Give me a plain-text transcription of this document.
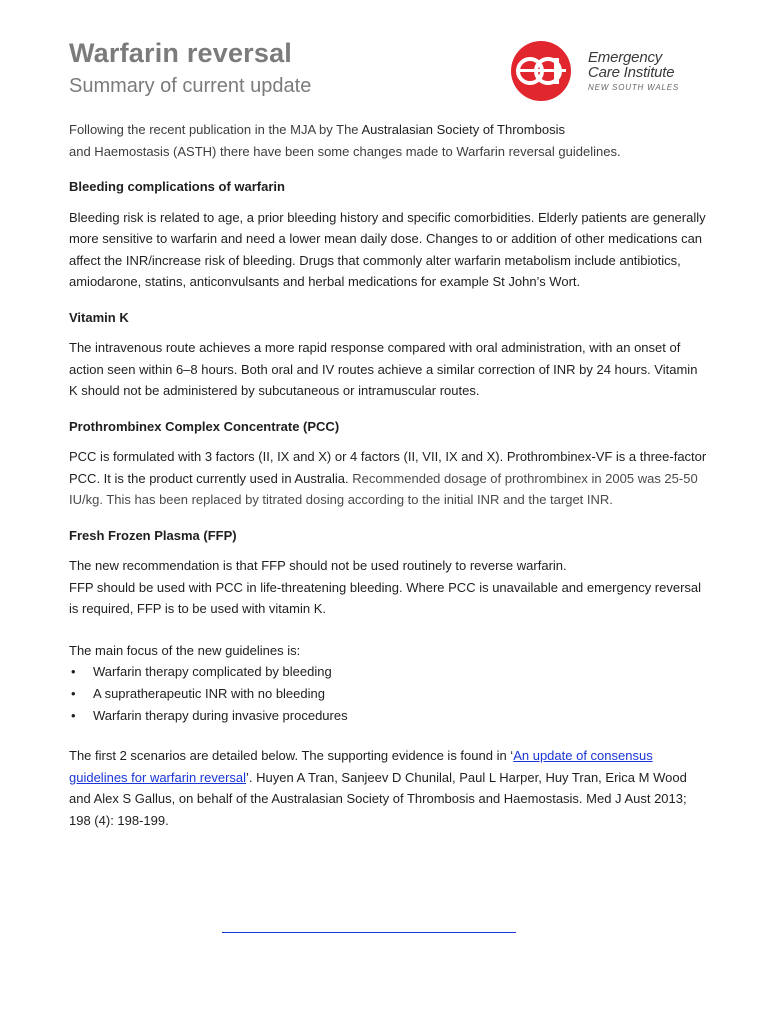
Warfarin reversal
Summary of current update
Emergency
Care Institute
NEW SOUTH WALES

Following the recent publication in the MJA by The Australasian Society of Thrombosis
and Haemostasis (ASTH) there have been some changes made to Warfarin reversal guidelines.

Bleeding complications of warfarin

Bleeding risk is related to age, a prior bleeding history and specific comorbidities. Elderly patients are generally more sensitive to warfarin and need a lower mean daily dose. Changes to or addition of other medications can affect the INR/increase risk of bleeding. Drugs that commonly alter warfarin metabolism include antibiotics, amiodarone, statins, anticonvulsants and herbal medications for example St John’s Wort.

Vitamin K

The intravenous route achieves a more rapid response compared with oral administration, with an onset of action seen within 6–8 hours. Both oral and IV routes achieve a similar correction of INR by 24 hours. Vitamin K should not be administered by subcutaneous or intramuscular routes.

Prothrombinex Complex Concentrate (PCC)

PCC is formulated with 3 factors (II, IX and X) or 4 factors (II, VII, IX and X). Prothrombinex-VF is a three-factor PCC. It is the product currently used in Australia. Recommended dosage of prothrombinex in 2005 was 25-50 IU/kg. This has been replaced by titrated dosing according to the initial INR and the target INR.

Fresh Frozen Plasma (FFP)

The new recommendation is that FFP should not be used routinely to reverse warfarin.

FFP should be used with PCC in life-threatening bleeding. Where PCC is unavailable and emergency reversal is required, FFP is to be used with vitamin K.

The main focus of the new guidelines is:

• Warfarin therapy complicated by bleeding
• A supratherapeutic INR with no bleeding
• Warfarin therapy during invasive procedures

The first 2 scenarios are detailed below. The supporting evidence is found in ‘An update of consensus guidelines for warfarin reversal’. Huyen A Tran, Sanjeev D Chunilal, Paul L Harper, Huy Tran, Erica M Wood and Alex S Gallus, on behalf of the Australasian Society of Thrombosis and Haemostasis. Med J Aust 2013; 198 (4): 198-199.
